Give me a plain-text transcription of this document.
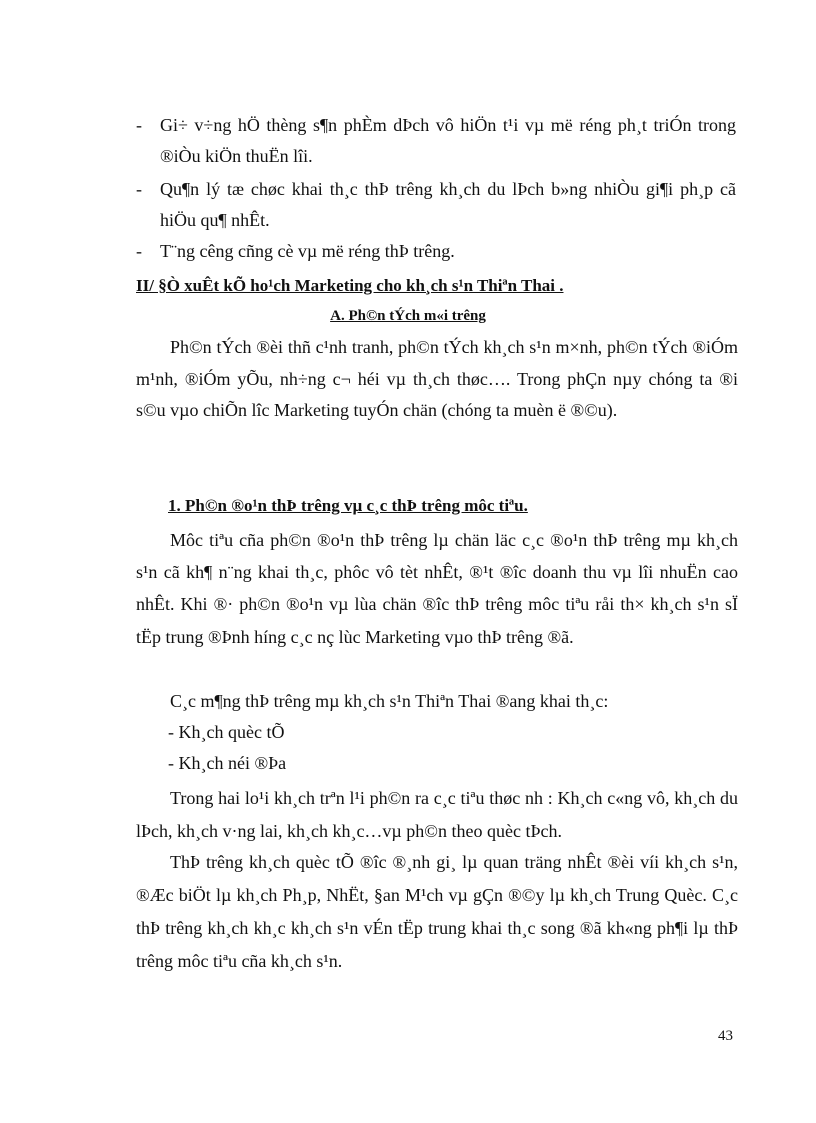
-	Gi÷ v÷ng hÖ thèng s¶n phÈm dÞch vô hiÖn t¹i vµ më réng ph¸t triÓn trong ®iÒu kiÖn thuËn lîi.
-	Qu¶n lý tæ chøc khai th¸c thÞ trêng kh¸ch du lÞch b»ng nhiÒu gi¶i ph¸p cã hiÖu qu¶ nhÊt.
-	T¨ng cêng cñng cè vµ më réng thÞ trêng.
II/ §Ò xuÊt kÕ ho¹ch Marketing cho kh¸ch s¹n Thiªn Thai .
A. Ph©n tÝch m«i trêng
Ph©n tÝch ®èi thñ c¹nh tranh, ph©n tÝch kh¸ch s¹n m×nh, ph©n tÝch ®iÓm m¹nh, ®iÓm yÕu, nh÷ng c¬ héi vµ th¸ch thøc…. Trong phÇn nµy chóng ta ®i s©u vµo chiÕn lîc Marketing tuyÓn chän (chóng ta muèn ë ®©u).
1. Ph©n ®o¹n thÞ trêng vµ c¸c thÞ trêng môc tiªu.
Môc tiªu cña ph©n ®o¹n thÞ trêng lµ chän läc c¸c ®o¹n thÞ trêng mµ kh¸ch s¹n cã kh¶ n¨ng khai th¸c, phôc vô tèt nhÊt, ®¹t ®îc doanh thu vµ lîi nhuËn cao nhÊt. Khi ®· ph©n ®o¹n vµ lùa chän ®îc thÞ trêng môc tiªu råi th× kh¸ch s¹n sÏ tËp trung ®Þnh híng c¸c nç lùc Marketing vµo thÞ trêng ®ã.
C¸c m¶ng thÞ trêng mµ kh¸ch s¹n Thiªn Thai ®ang khai th¸c:
- Kh¸ch quèc tÕ
- Kh¸ch néi ®Þa
Trong hai lo¹i kh¸ch trªn l¹i ph©n ra c¸c tiªu thøc nh : Kh¸ch c«ng vô, kh¸ch du lÞch, kh¸ch v·ng lai, kh¸ch kh¸c…vµ ph©n theo quèc tÞch.
ThÞ trêng kh¸ch quèc tÕ ®îc ®¸nh gi¸ lµ quan träng nhÊt ®èi víi kh¸ch s¹n, ®Æc biÖt lµ kh¸ch Ph¸p, NhËt, §an M¹ch vµ gÇn ®©y lµ kh¸ch Trung Quèc. C¸c thÞ trêng kh¸ch kh¸c kh¸ch s¹n vÉn tËp trung khai th¸c song ®ã kh«ng ph¶i lµ thÞ trêng môc tiªu cña kh¸ch s¹n.
43
